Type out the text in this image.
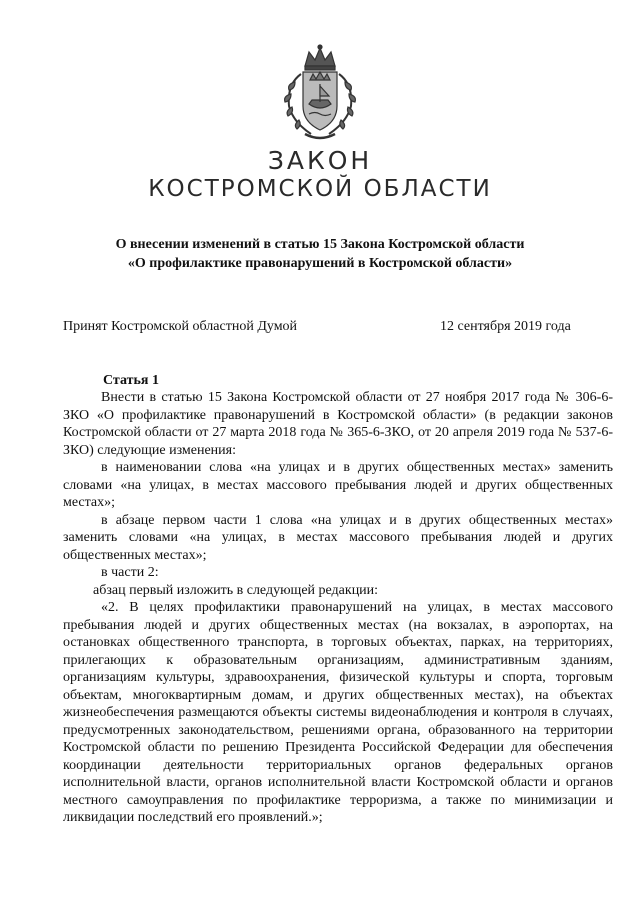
ЗАКОН
КОСТРОМСКОЙ ОБЛАСТИ
О внесении изменений в статью 15 Закона Костромской области
«О профилактике правонарушений в Костромской области»
Принят Костромской областной Думой	12 сентября 2019 года
Статья 1

Внести в статью 15 Закона Костромской области от 27 ноября 2017 года № 306-6-ЗКО «О профилактике правонарушений в Костромской области» (в редакции законов Костромской области от 27 марта 2018 года № 365-6-ЗКО, от 20 апреля 2019 года № 537-6-ЗКО) следующие изменения:

в наименовании слова «на улицах и в других общественных местах» заменить словами «на улицах, в местах массового пребывания людей и других общественных местах»;

в абзаце первом части 1 слова «на улицах и в других общественных местах» заменить словами «на улицах, в местах массового пребывания людей и других общественных местах»;

в части 2:

абзац первый изложить в следующей редакции:

«2. В целях профилактики правонарушений на улицах, в местах массового пребывания людей и других общественных местах (на вокзалах, в аэропортах, на остановках общественного транспорта, в торговых объектах, парках, на территориях, прилегающих к образовательным организациям, административным зданиям, организациям культуры, здравоохранения, физической культуры и спорта, торговым объектам, многоквартирным домам, и других общественных местах), на объектах жизнеобеспечения размещаются объекты системы видеонаблюдения и контроля в случаях, предусмотренных законодательством, решениями органа, образованного на территории Костромской области по решению Президента Российской Федерации для обеспечения координации деятельности территориальных органов федеральных органов исполнительной власти, органов исполнительной власти Костромской области и органов местного самоуправления по профилактике терроризма, а также по минимизации и ликвидации последствий его проявлений.»;
